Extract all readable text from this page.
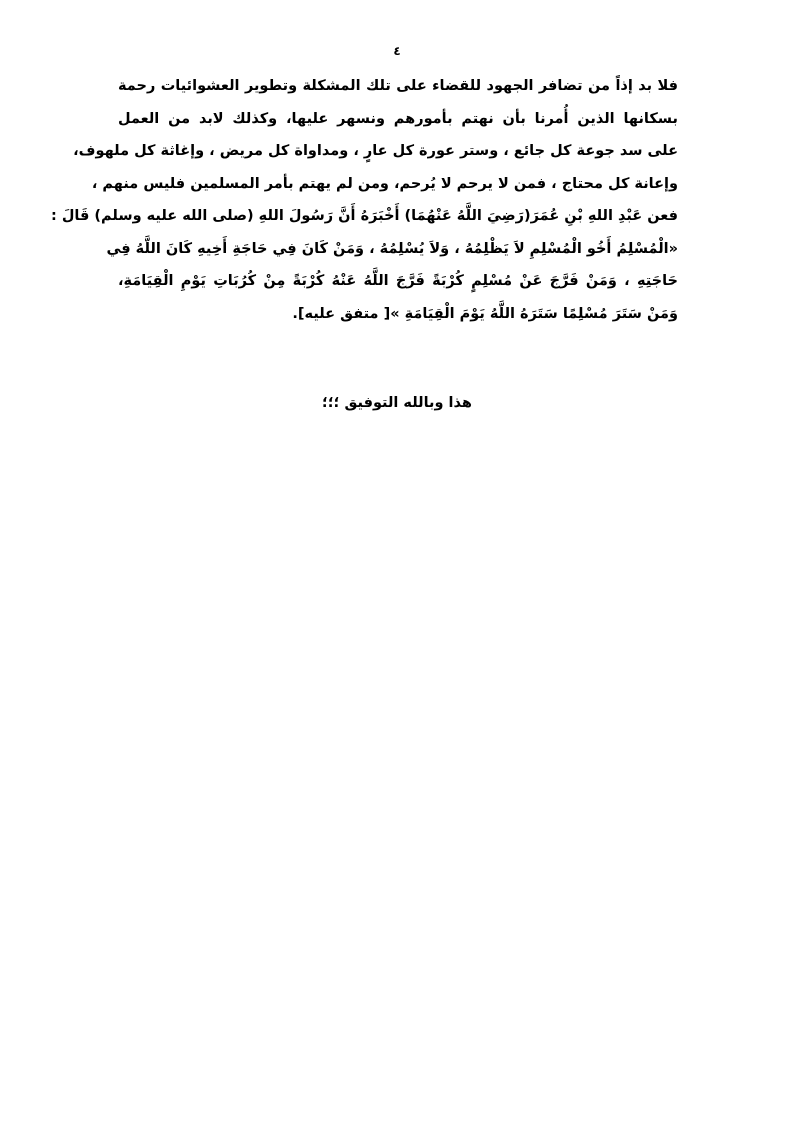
٤
فلا بد إذاً من تضافر الجهود للقضاء على تلك المشكلة وتطوير العشوائيات رحمة
بسكانها الذين أُمرنا بأن نهتم بأمورهم ونسهر عليها، وكذلك لابد من العمل
على سد جوعة كل جائع ، وستر عورة كل عارٍ ، ومداواة كل مريض ، وإغاثة كل ملهوف،
وإعانة كل محتاج ، فمن لا يرحم لا يُرحم، ومن لم يهتم بأمر المسلمين فليس منهم ،
فعن عَبْدِ اللهِ بْنِ عُمَرَ(رَضِيَ اللَّهُ عَنْهُمَا) أَخْبَرَهُ أَنَّ رَسُولَ اللهِ (صلى الله عليه وسلم) قَالَ :
«الْمُسْلِمُ أَخُو الْمُسْلِمِ لاَ يَظْلِمُهُ ، وَلاَ يُسْلِمُهُ ، وَمَنْ كَانَ فِي حَاجَةِ أَخِيهِ كَانَ اللَّهُ فِي
حَاجَتِهِ ، وَمَنْ فَرَّجَ عَنْ مُسْلِمٍ كُرْبَةً فَرَّجَ اللَّهُ عَنْهُ كُرْبَةً مِنْ كُرُبَاتِ يَوْمِ الْقِيَامَةِ،
وَمَنْ سَتَرَ مُسْلِمًا سَتَرَهُ اللَّهُ يَوْمَ الْقِيَامَةِ »[ متفق عليه].
هذا وبالله التوفيق ؛؛؛
